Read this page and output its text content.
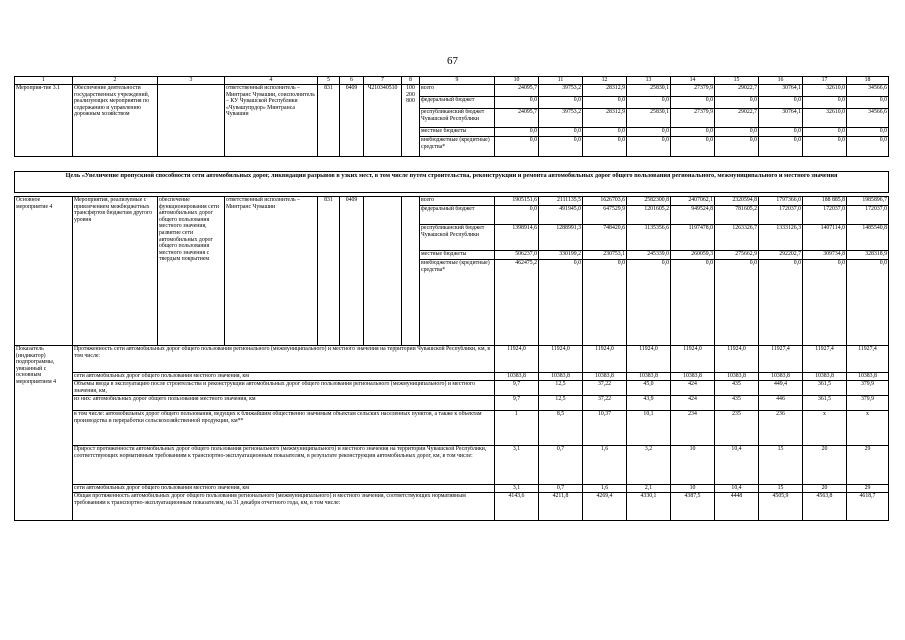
67
1	2	3	4	5	6	7	8	9	10	11	12	13	14	15	16	17	18
Мероприя-тие 3.1	Обеспечение деятельности государственных учреждений, реализующих мероприятия по содержанию и управлению дорожным хозяйством		ответственный исполнитель – Минтранс Чувашии, соисполнитель – КУ Чувашской Республики «Чувашупрдор» Минтранса Чувашии	831	0409	Ч210340510	100 200 800	всего	24095,7	39753,2	28312,9	25830,1	27379,9	29022,7	30764,1	32610,0	34566,6
								федеральный бюджет	0,0	0,0	0,0	0,0	0,0	0,0	0,0	0,0	0,0
								республиканский бюджет Чувашской Республики	24095,7	39753,2	28312,9	25830,1	27379,9	29022,7	30764,1	32610,0	34566,6
								местные бюджеты	0,0	0,0	0,0	0,0	0,0	0,0	0,0	0,0	0,0
								внебюджетные (кредитные) средства*	0,0	0,0	0,0	0,0	0,0	0,0	0,0	0,0	0,0

Цель «Увеличение пропускной способности сети автомобильных дорог, ликвидация разрывов в узких мест, в том числе путем строительства, реконструкции и ремонта автомобильных дорог общего пользования регионального, межмуниципального и местного значения																	

Основное мероприятие 4	Мероприятия, реализуемые с привлечением межбюджетных трансфертов бюджетам другого уровня	обеспечение функционирования сети автомобильных дорог общего пользования местного значения, развитие сети автомобильных дорог общего пользования местного значения с твердым покрытием	ответственный исполнитель – Минтранс Чувашии	831	0409			всего	1905151,6	2111135,5	1626703,6	2582300,8	2407062,1	2320594,8	1797366,0	188 885,8	1985896,7
								федеральный бюджет	0,0	491945,0	647529,9	1201605,2	949524,8	781605,2	172037,0	172037,0	172037,0
								республиканский бюджет Чувашской Республики	1398914,6	1288991,3	748420,6	1135356,6	1197478,0	1263326,7	1333126,3	1407114,0	1485540,8
								местные бюджеты	506237,0	330199,2	230753,1	245339,0	260059,3	275662,9	292202,7	309734,8	328318,9
								внебюджетные (кредитные) средства*	462475,2	0,0	0,0	0,0	0,0	0,0	0,0	0,0	0,0
Показатель (индикатор) подпрограммы, увязанный с основным мероприятием 4	Протяженность сети автомобильных дорог общего пользования регионального (межмуниципального) и местного значения на территории Чувашской Республики, км, в том числе:								11924,0	11924,0	11924,0	11924,0	11924,0	11924,0	11927,4	11927,4	11927,4
	сети автомобильных дорог общего пользования местного значения, км								10383,8	10383,8	10383,8	10383,8	10383,8	10383,8	10383,8	10383,8	10383,8
	Объемы ввода в эксплуатацию после строительства и реконструкции автомобильных дорог общего пользования регионального (межмуниципального) и местного значения, км,								9,7	12,5	37,22	45,0	424	435	449,4	361,5	379,9
	из них: автомобильных дорог общего пользования местного значения, км								9,7	12,5	37,22	43,9	424	435	446	361,5	379,9
	в том числе: автомобильных дорог общего пользования, ведущих к ближайшим общественно значимым объектам сельских населенных пунктов, а также к объектам производства и переработки сельскохозяйственной продукции, км**								1	8,5	10,37	10,1	234	235	236	x	x
	Прирост протяженности автомобильных дорог общего пользования регионального (межмуниципального) и местного значения на территории Чувашской Республики, соответствующих нормативным требованиям к транспортно-эксплуатационным показателям, в результате реконструкции автомобильных дорог, км, в том числе:								3,1	0,7	1,6	3,2	10	10,4	15	20	29
	сети автомобильных дорог общего пользования местного значения, км								3,1	0,7	1,6	2,1	10	10,4	15	20	29
	Общая протяженность автомобильных дорог общего пользования регионального (межмуниципального) и местного значения, соответствующих нормативным требованиям к транспортно-эксплуатационным показателям, на 31 декабря отчетного года, км, в том числе:								4143,6	4211,8	4269,4	4330,1	4387,5	4448	4505,9	4563,8	4618,7
